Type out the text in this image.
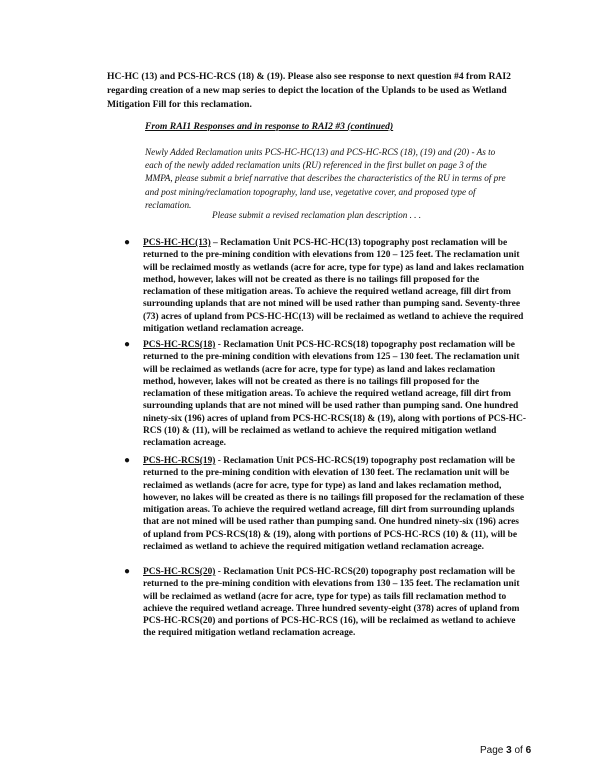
HC-HC (13) and PCS-HC-RCS (18) & (19). Please also see response to next question #4 from RAI2 regarding creation of a new map series to depict the location of the Uplands to be used as Wetland Mitigation Fill for this reclamation.
From RAI1 Responses and in response to RAI2 #3 (continued)
Newly Added Reclamation units PCS-HC-HC(13) and PCS-HC-RCS (18), (19) and (20) - As to each of the newly added reclamation units (RU) referenced in the first bullet on page 3 of the MMPA, please submit a brief narrative that describes the characteristics of the RU in terms of pre and post mining/reclamation topography, land use, vegetative cover, and proposed type of reclamation.
Please submit a revised reclamation plan description . . .
● PCS-HC-HC(13) – Reclamation Unit PCS-HC-HC(13) topography post reclamation will be returned to the pre-mining condition with elevations from 120 – 125 feet. The reclamation unit will be reclaimed mostly as wetlands (acre for acre, type for type) as land and lakes reclamation method, however, lakes will not be created as there is no tailings fill proposed for the reclamation of these mitigation areas. To achieve the required wetland acreage, fill dirt from surrounding uplands that are not mined will be used rather than pumping sand. Seventy-three (73) acres of upland from PCS-HC-HC(13) will be reclaimed as wetland to achieve the required mitigation wetland reclamation acreage.
● PCS-HC-RCS(18) - Reclamation Unit PCS-HC-RCS(18) topography post reclamation will be returned to the pre-mining condition with elevations from 125 – 130 feet. The reclamation unit will be reclaimed as wetlands (acre for acre, type for type) as land and lakes reclamation method, however, lakes will not be created as there is no tailings fill proposed for the reclamation of these mitigation areas. To achieve the required wetland acreage, fill dirt from surrounding uplands that are not mined will be used rather than pumping sand. One hundred ninety-six (196) acres of upland from PCS-HC-RCS(18) & (19), along with portions of PCS-HC-RCS (10) & (11), will be reclaimed as wetland to achieve the required mitigation wetland reclamation acreage.
● PCS-HC-RCS(19) - Reclamation Unit PCS-HC-RCS(19) topography post reclamation will be returned to the pre-mining condition with elevation of 130 feet. The reclamation unit will be reclaimed as wetlands (acre for acre, type for type) as land and lakes reclamation method, however, no lakes will be created as there is no tailings fill proposed for the reclamation of these mitigation areas. To achieve the required wetland acreage, fill dirt from surrounding uplands that are not mined will be used rather than pumping sand. One hundred ninety-six (196) acres of upland from PCS-RCS(18) & (19), along with portions of PCS-HC-RCS (10) & (11), will be reclaimed as wetland to achieve the required mitigation wetland reclamation acreage.
● PCS-HC-RCS(20) - Reclamation Unit PCS-HC-RCS(20) topography post reclamation will be returned to the pre-mining condition with elevations from 130 – 135 feet. The reclamation unit will be reclaimed as wetland (acre for acre, type for type) as tails fill reclamation method to achieve the required wetland acreage. Three hundred seventy-eight (378) acres of upland from PCS-HC-RCS(20) and portions of PCS-HC-RCS (16), will be reclaimed as wetland to achieve the required mitigation wetland reclamation acreage.
Page 3 of 6
